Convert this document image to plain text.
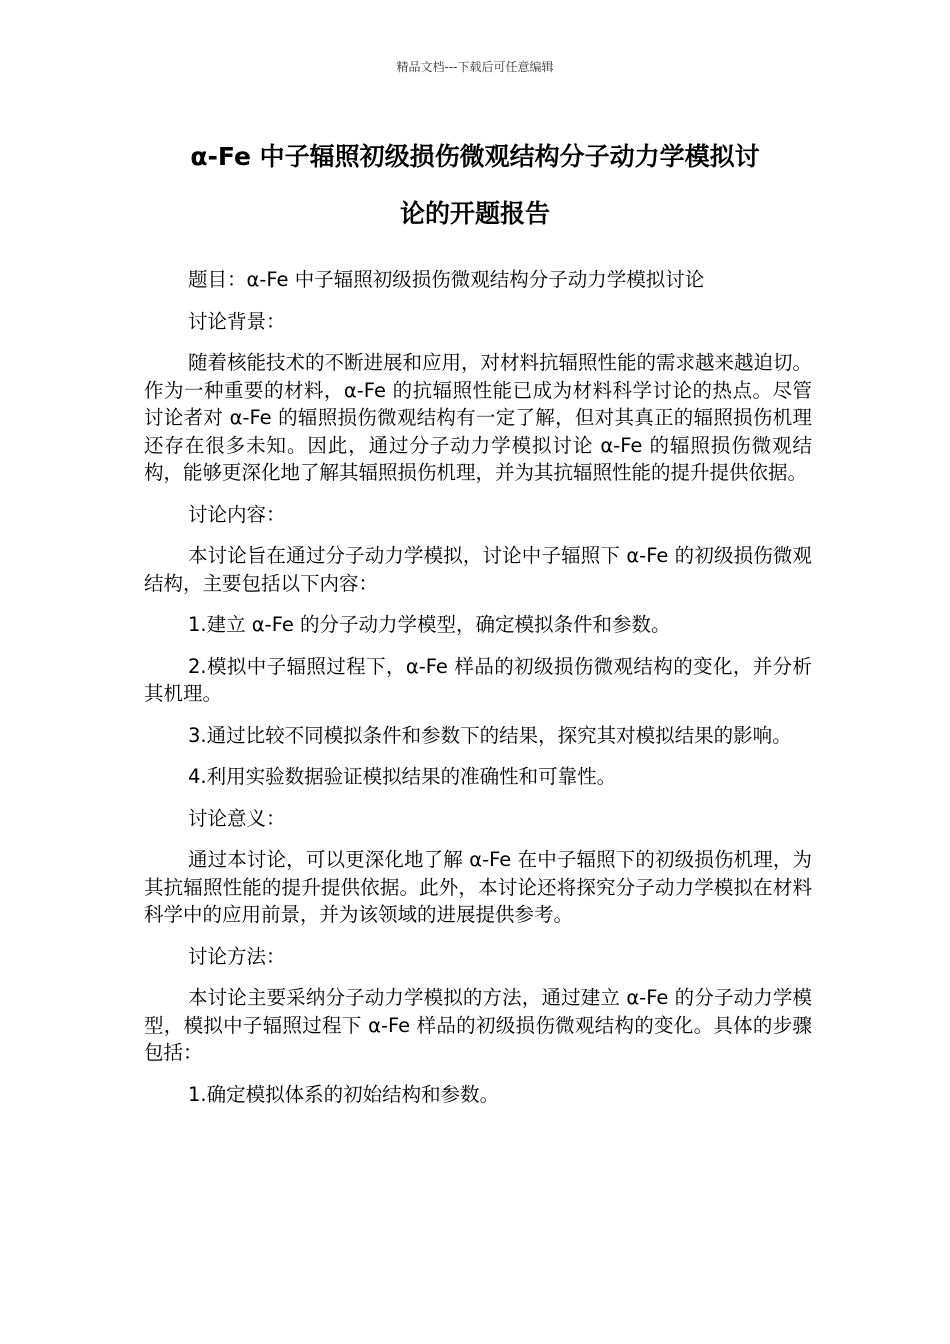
精品文档---下载后可任意编辑
α-Fe 中子辐照初级损伤微观结构分子动力学模拟讨
论的开题报告

题目：α-Fe 中子辐照初级损伤微观结构分子动力学模拟讨论

讨论背景：

随着核能技术的不断进展和应用，对材料抗辐照性能的需求越来越迫切。作为一种重要的材料，α-Fe 的抗辐照性能已成为材料科学讨论的热点。尽管讨论者对 α-Fe 的辐照损伤微观结构有一定了解，但对其真正的辐照损伤机理还存在很多未知。因此，通过分子动力学模拟讨论 α-Fe 的辐照损伤微观结构，能够更深化地了解其辐照损伤机理，并为其抗辐照性能的提升提供依据。

讨论内容：

本讨论旨在通过分子动力学模拟，讨论中子辐照下 α-Fe 的初级损伤微观结构，主要包括以下内容：

1.建立 α-Fe 的分子动力学模型，确定模拟条件和参数。

2.模拟中子辐照过程下，α-Fe 样品的初级损伤微观结构的变化，并分析其机理。

3.通过比较不同模拟条件和参数下的结果，探究其对模拟结果的影响。

4.利用实验数据验证模拟结果的准确性和可靠性。

讨论意义：

通过本讨论，可以更深化地了解 α-Fe 在中子辐照下的初级损伤机理，为其抗辐照性能的提升提供依据。此外，本讨论还将探究分子动力学模拟在材料科学中的应用前景，并为该领域的进展提供参考。

讨论方法：

本讨论主要采纳分子动力学模拟的方法，通过建立 α-Fe 的分子动力学模型，模拟中子辐照过程下 α-Fe 样品的初级损伤微观结构的变化。具体的步骤包括：

1.确定模拟体系的初始结构和参数。
